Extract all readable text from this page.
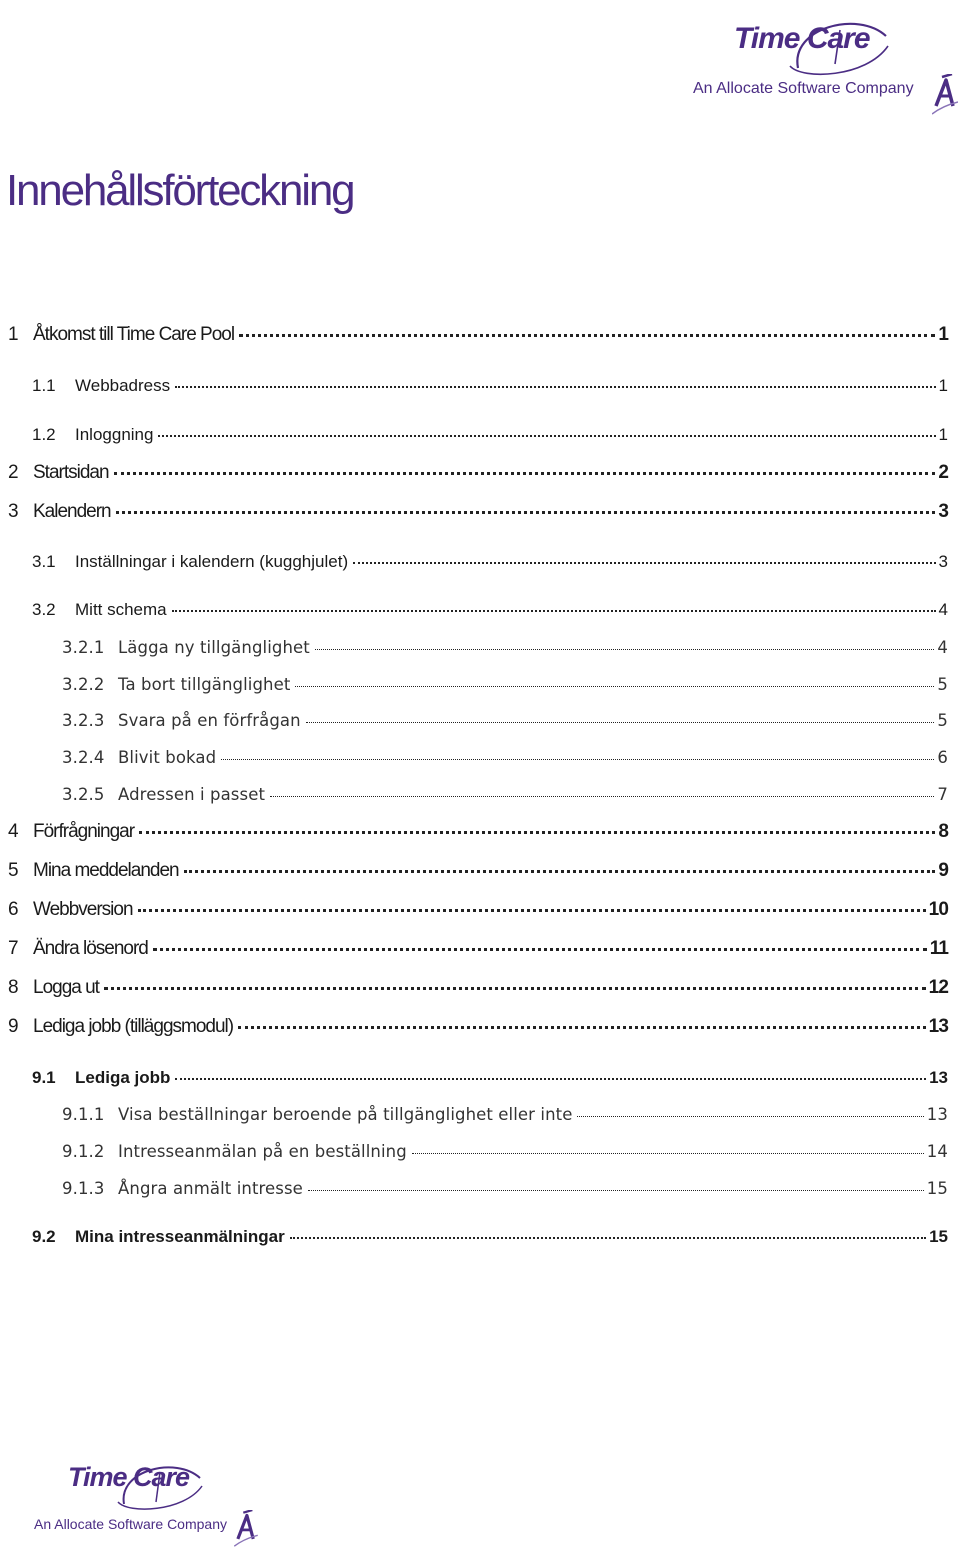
Time Care
An Allocate Software Company
Innehållsförteckning
1 Åtkomst till Time Care Pool	1
1.1	Webbadress	1
1.2	Inloggning	1
2 Startsidan	2
3 Kalendern	3
3.1	Inställningar i kalendern (kugghjulet)	3
3.2	Mitt schema	4
3.2.1 Lägga ny tillgänglighet	4
3.2.2 Ta bort tillgänglighet	5
3.2.3 Svara på en förfrågan	5
3.2.4 Blivit bokad	6
3.2.5 Adressen i passet	7
4 Förfrågningar	8
5 Mina meddelanden	9
6 Webbversion	10
7 Ändra lösenord	11
8 Logga ut	12
9 Lediga jobb (tilläggsmodul)	13
9.1	Lediga jobb	13
9.1.1 Visa beställningar beroende på tillgänglighet eller inte	13
9.1.2 Intresseanmälan på en beställning	14
9.1.3 Ångra anmält intresse	15
9.2	Mina intresseanmälningar	15
Time Care
An Allocate Software Company
